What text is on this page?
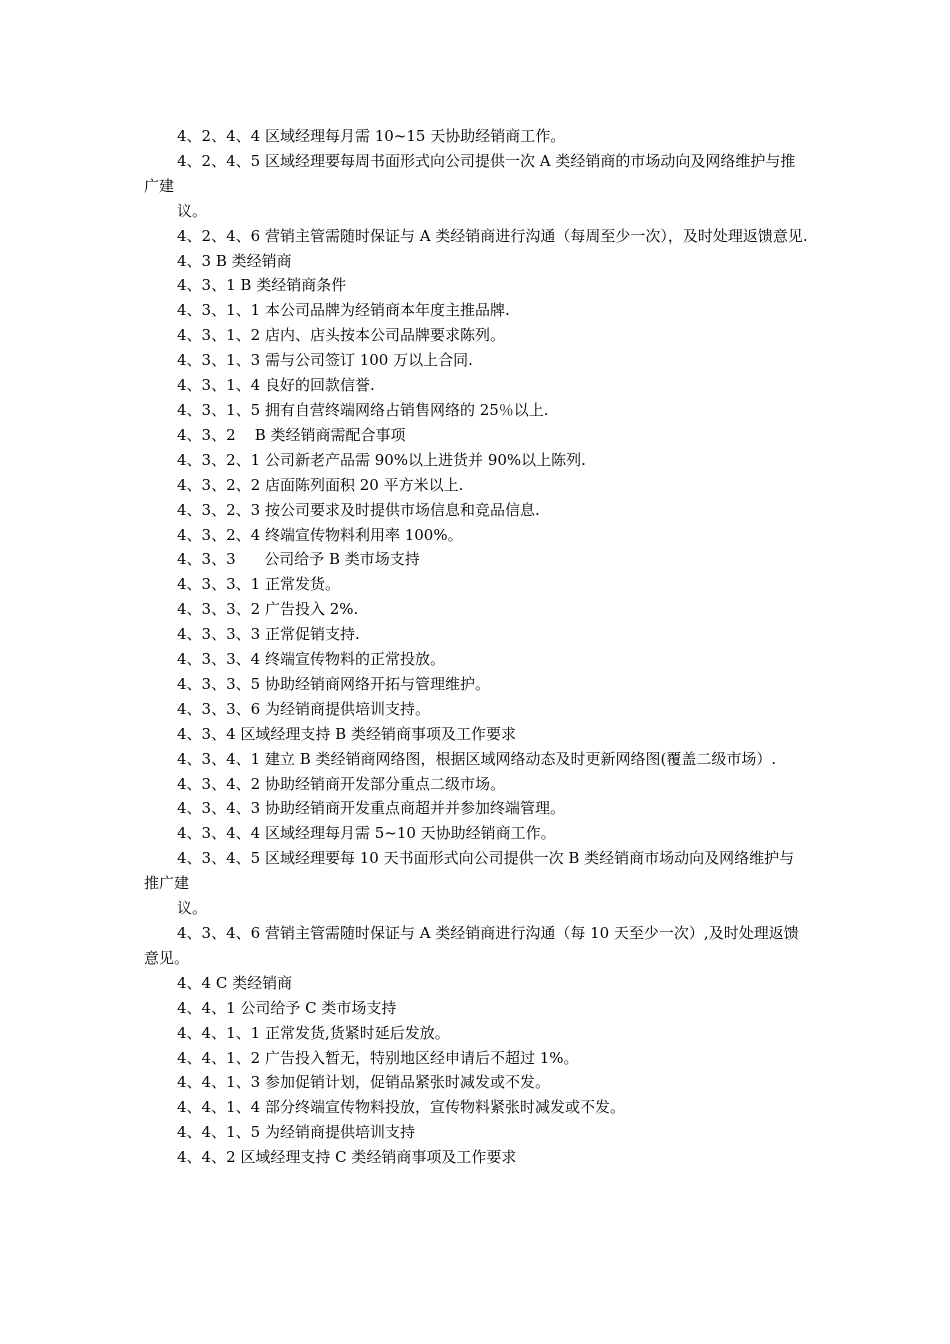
4、2、4、4 区域经理每月需 10~15 天协助经销商工作。

4、2、4、5 区域经理要每周书面形式向公司提供一次 A 类经销商的市场动向及网络维护与推广建

议。

4、2、4、6 营销主管需随时保证与 A 类经销商进行沟通（每周至少一次），及时处理返馈意见.

4、3 B 类经销商

4、3、1 B 类经销商条件

4、3、1、1 本公司品牌为经销商本年度主推品牌.

4、3、1、2 店内、店头按本公司品牌要求陈列。

4、3、1、3 需与公司签订 100 万以上合同.

4、3、1、4 良好的回款信誉.

4、3、1、5 拥有自营终端网络占销售网络的 25％以上.

4、3、2    B 类经销商需配合事项

4、3、2、1 公司新老产品需 90%以上进货并 90%以上陈列.

4、3、2、2 店面陈列面积 20 平方米以上.

4、3、2、3 按公司要求及时提供市场信息和竞品信息.

4、3、2、4 终端宣传物料利用率 100%。

4、3、3      公司给予 B 类市场支持

4、3、3、1 正常发货。

4、3、3、2 广告投入 2%.

4、3、3、3 正常促销支持.

4、3、3、4 终端宣传物料的正常投放。

4、3、3、5 协助经销商网络开拓与管理维护。

4、3、3、6 为经销商提供培训支持。

4、3、4 区域经理支持 B 类经销商事项及工作要求

4、3、4、1 建立 B 类经销商网络图，根据区域网络动态及时更新网络图(覆盖二级市场）.

4、3、4、2 协助经销商开发部分重点二级市场。

4、3、4、3 协助经销商开发重点商超并并参加终端管理。

4、3、4、4 区域经理每月需 5~10 天协助经销商工作。

4、3、4、5 区域经理要每 10 天书面形式向公司提供一次 B 类经销商市场动向及网络维护与推广建

议。

4、3、4、6 营销主管需随时保证与 A 类经销商进行沟通（每 10 天至少一次）,及时处理返馈意见。

4、4 C 类经销商

4、4、1 公司给予 C 类市场支持

4、4、1、1 正常发货,货紧时延后发放。

4、4、1、2 广告投入暂无，特别地区经申请后不超过 1%。

4、4、1、3 参加促销计划，促销品紧张时减发或不发。

4、4、1、4 部分终端宣传物料投放，宣传物料紧张时减发或不发。

4、4、1、5 为经销商提供培训支持

4、4、2 区域经理支持 C 类经销商事项及工作要求
